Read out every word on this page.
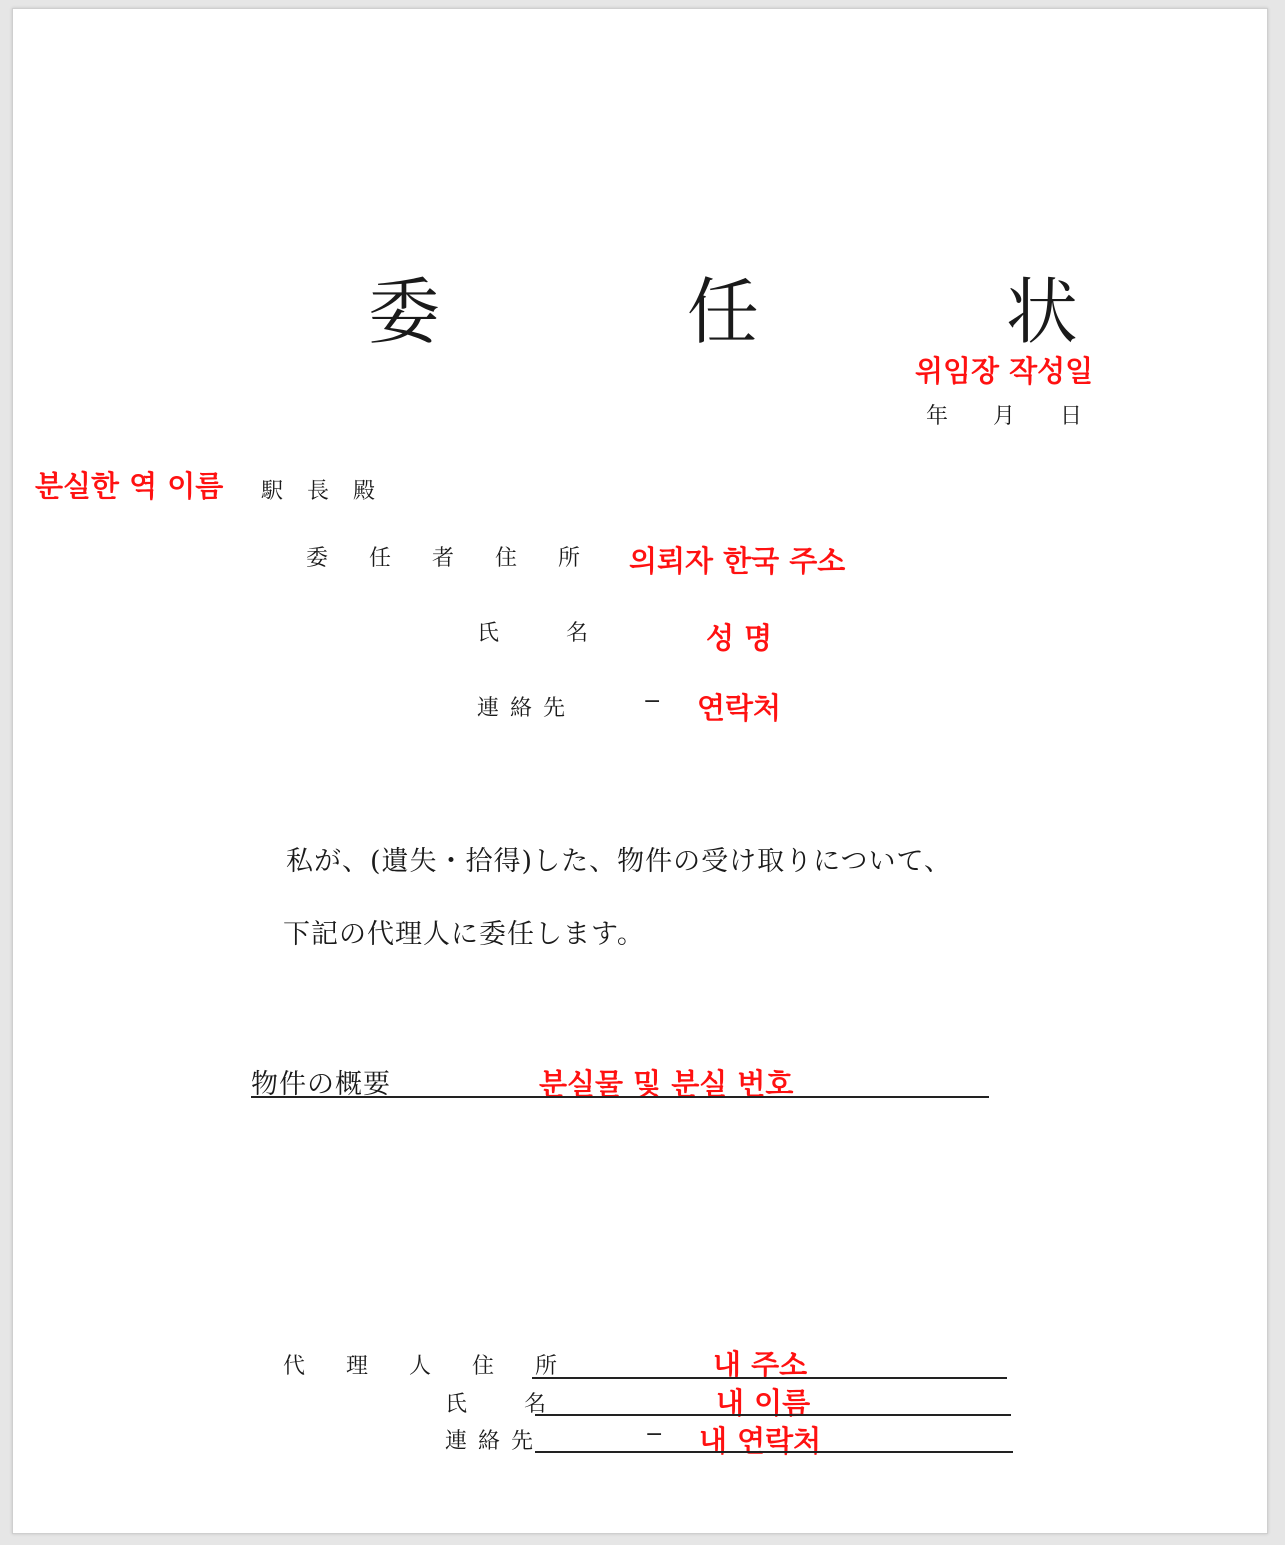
委 任 状
위임장 작성일
年 月 日
분실한 역 이름 駅長殿
委 任 者 住 所 의뢰자 한국 주소
氏 名	성 명
連 絡 先	− 연락처
私が、(遺失・拾得)した、物件の受け取りについて、
下記の代理人に委任します。
物件の概要	분실물 및 분실 번호
代 理 人 住 所	내 주소
氏 名	내 이름
連 絡 先	− 내 연락처
